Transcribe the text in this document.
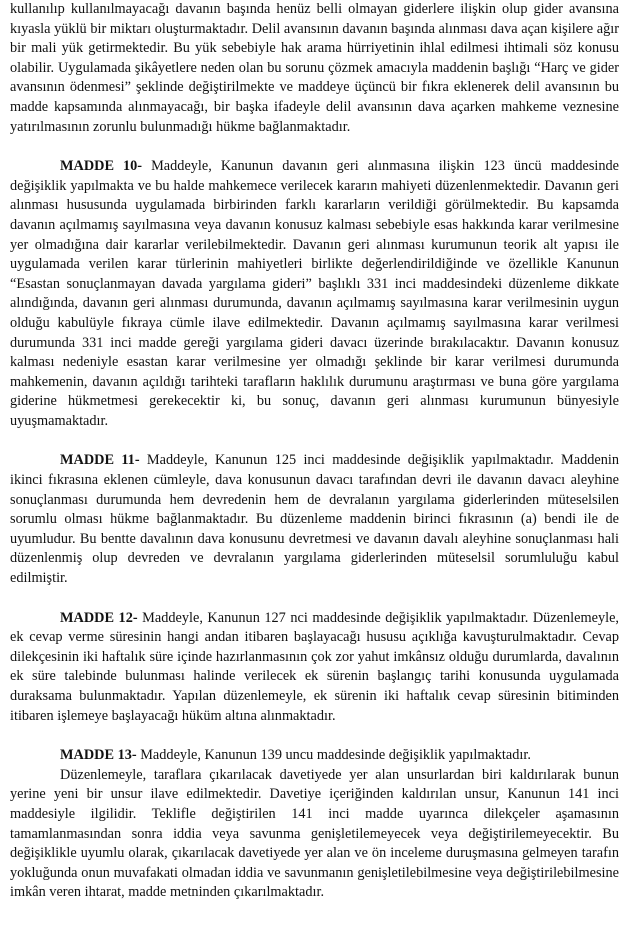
kullanılıp kullanılmayacağı davanın başında henüz belli olmayan giderlere ilişkin olup gider avansına kıyasla yüklü bir miktarı oluşturmaktadır. Delil avansının davanın başında alınması dava açan kişilere ağır bir mali yük getirmektedir. Bu yük sebebiyle hak arama hürriyetinin ihlal edilmesi ihtimali söz konusu olabilir. Uygulamada şikâyetlere neden olan bu sorunu çözmek amacıyla maddenin başlığı “Harç ve gider avansının ödenmesi” şeklinde değiştirilmekte ve maddeye üçüncü bir fıkra eklenerek delil avansının bu madde kapsamında alınmayacağı, bir başka ifadeyle delil avansının dava açarken mahkeme veznesine yatırılmasının zorunlu bulunmadığı hükme bağlanmaktadır.

MADDE 10- Maddeyle, Kanunun davanın geri alınmasına ilişkin 123 üncü maddesinde değişiklik yapılmakta ve bu halde mahkemece verilecek kararın mahiyeti düzenlenmektedir. Davanın geri alınması hususunda uygulamada birbirinden farklı kararların verildiği görülmektedir. Bu kapsamda davanın açılmamış sayılmasına veya davanın konusuz kalması sebebiyle esas hakkında karar verilmesine yer olmadığına dair kararlar verilebilmektedir. Davanın geri alınması kurumunun teorik alt yapısı ile uygulamada verilen karar türlerinin mahiyetleri birlikte değerlendirildiğinde ve özellikle Kanunun “Esastan sonuçlanmayan davada yargılama gideri” başlıklı 331 inci maddesindeki düzenleme dikkate alındığında, davanın geri alınması durumunda, davanın açılmamış sayılmasına karar verilmesinin uygun olduğu kabulüyle fıkraya cümle ilave edilmektedir. Davanın açılmamış sayılmasına karar verilmesi durumunda 331 inci madde gereği yargılama gideri davacı üzerinde bırakılacaktır. Davanın konusuz kalması nedeniyle esastan karar verilmesine yer olmadığı şeklinde bir karar verilmesi durumunda mahkemenin, davanın açıldığı tarihteki tarafların haklılık durumunu araştırması ve buna göre yargılama giderine hükmetmesi gerekecektir ki, bu sonuç, davanın geri alınması kurumunun bünyesiyle uyuşmamaktadır.

MADDE 11- Maddeyle, Kanunun 125 inci maddesinde değişiklik yapılmaktadır. Maddenin ikinci fıkrasına eklenen cümleyle, dava konusunun davacı tarafından devri ile davanın davacı aleyhine sonuçlanması durumunda hem devredenin hem de devralanın yargılama giderlerinden müteselsilen sorumlu olması hükme bağlanmaktadır. Bu düzenleme maddenin birinci fıkrasının (a) bendi ile de uyumludur. Bu bentte davalının dava konusunu devretmesi ve davanın davalı aleyhine sonuçlanması hali düzenlenmiş olup devreden ve devralanın yargılama giderlerinden müteselsil sorumluluğu kabul edilmiştir.

MADDE 12- Maddeyle, Kanunun 127 nci maddesinde değişiklik yapılmaktadır. Düzenlemeyle, ek cevap verme süresinin hangi andan itibaren başlayacağı hususu açıklığa kavuşturulmaktadır. Cevap dilekçesinin iki haftalık süre içinde hazırlanmasının çok zor yahut imkânsız olduğu durumlarda, davalının ek süre talebinde bulunması halinde verilecek ek sürenin başlangıç tarihi konusunda uygulamada duraksama bulunmaktadır. Yapılan düzenlemeyle, ek sürenin iki haftalık cevap süresinin bitiminden itibaren işlemeye başlayacağı hüküm altına alınmaktadır.

MADDE 13- Maddeyle, Kanunun 139 uncu maddesinde değişiklik yapılmaktadır.

Düzenlemeyle, taraflara çıkarılacak davetiyede yer alan unsurlardan biri kaldırılarak bunun yerine yeni bir unsur ilave edilmektedir. Davetiye içeriğinden kaldırılan unsur, Kanunun 141 inci maddesiyle ilgilidir. Teklifle değiştirilen 141 inci madde uyarınca dilekçeler aşamasının tamamlanmasından sonra iddia veya savunma genişletilemeyecek veya değiştirilemeyecektir. Bu değişiklikle uyumlu olarak, çıkarılacak davetiyede yer alan ve ön inceleme duruşmasına gelmeyen tarafın yokluğunda onun muvafakati olmadan iddia ve savunmanın genişletilebilmesine veya değiştirilebilmesine imkân veren ihtarat, madde metninden çıkarılmaktadır.
